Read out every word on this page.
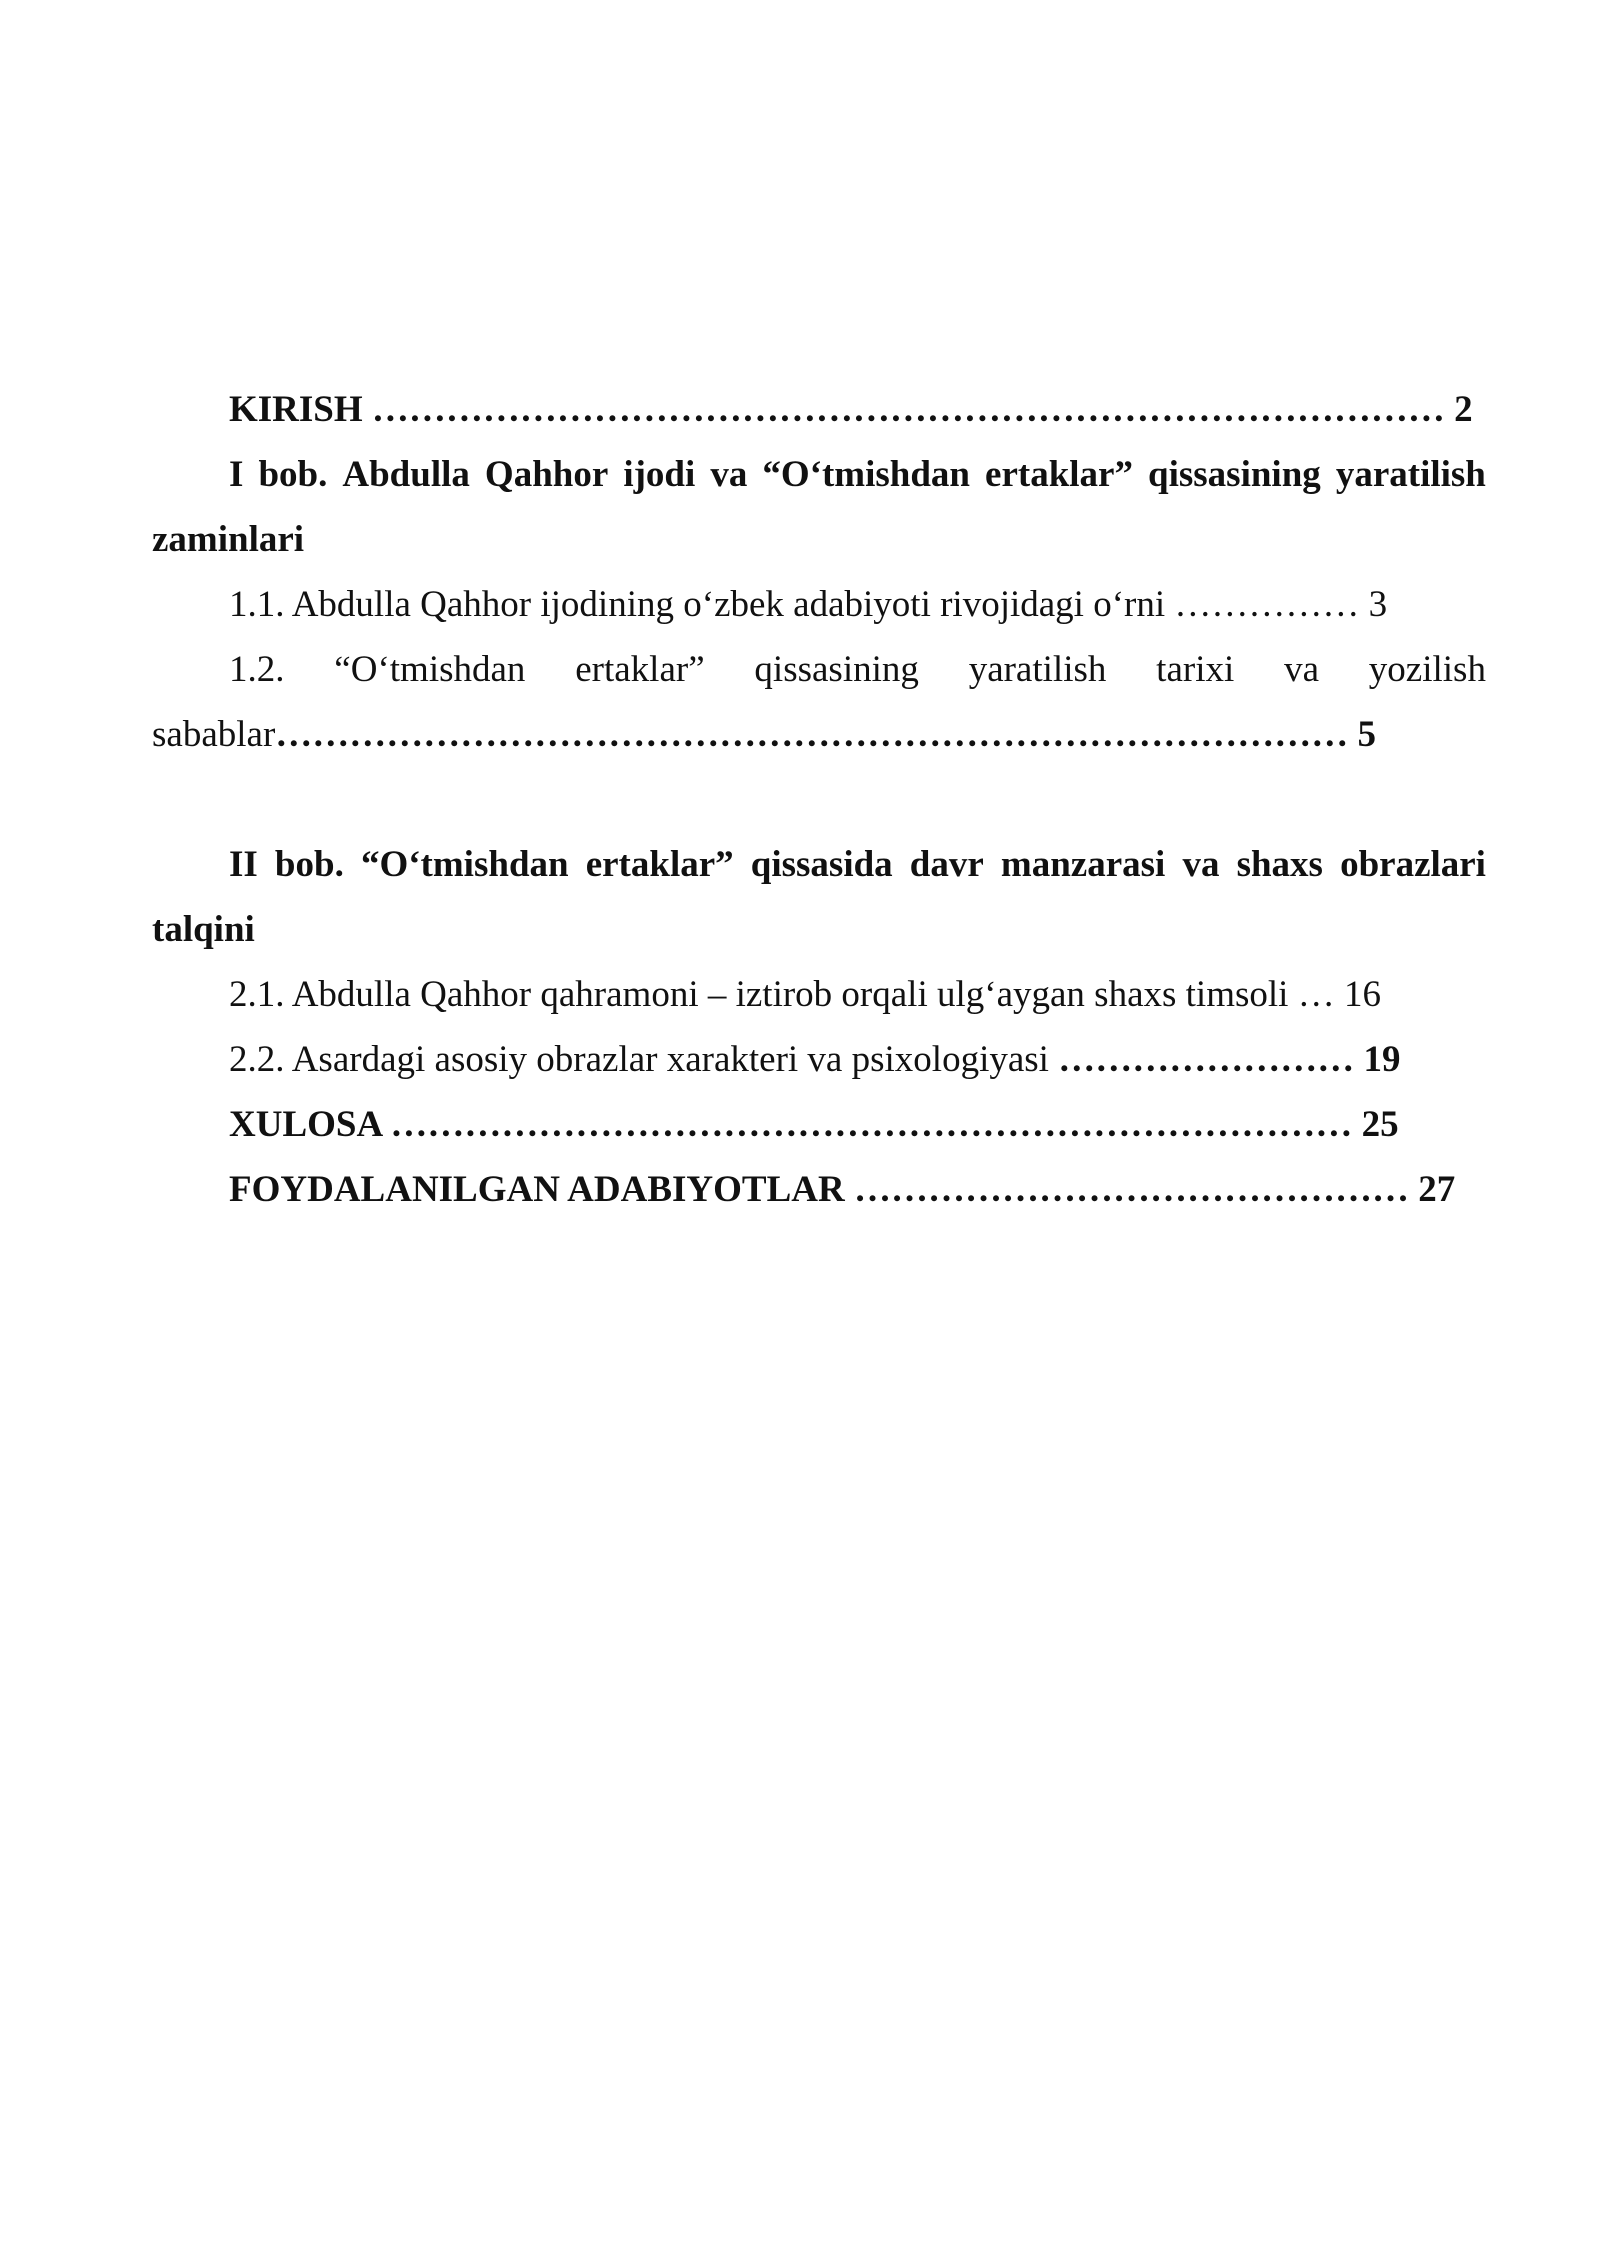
KIRISH …………………………………………………………………………… 2
I bob. Abdulla Qahhor ijodi va “O‘tmishdan ertaklar” qissasining yaratilish
zaminlari
1.1. Abdulla Qahhor ijodining o‘zbek adabiyoti rivojidagi o‘rni …………… 3
1.2. “O‘tmishdan ertaklar” qissasining yaratilish tarixi va yozilish
sabablar…………………………………………………………………………… 5
II bob. “O‘tmishdan ertaklar” qissasida davr manzarasi va shaxs obrazlari
talqini
2.1. Abdulla Qahhor qahramoni – iztirob orqali ulg‘aygan shaxs timsoli … 16
2.2. Asardagi asosiy obrazlar xarakteri va psixologiyasi …………………… 19
XULOSA …………………………………………………………………… 25
FOYDALANILGAN ADABIYOTLAR ……………………………………… 27
